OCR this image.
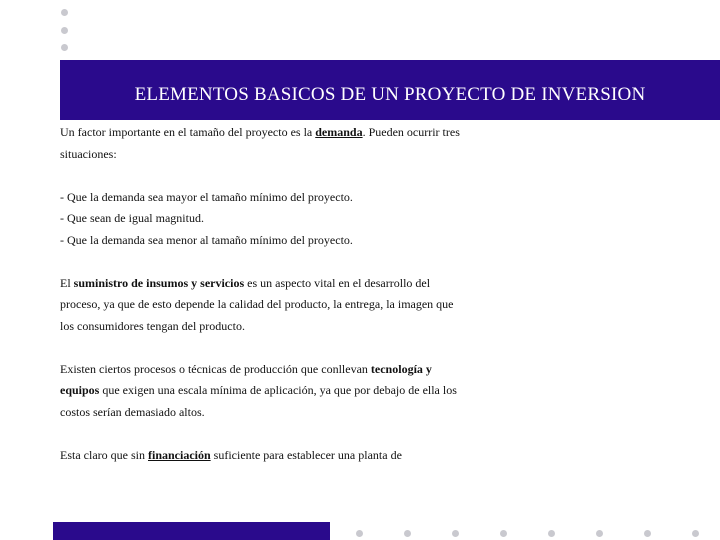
ELEMENTOS BASICOS DE UN PROYECTO DE INVERSION

Un factor importante en el tamaño del proyecto es la demanda. Pueden ocurrir tres situaciones:

- Que la demanda sea mayor el tamaño mínimo del proyecto.

- Que sean de igual magnitud.

- Que la demanda sea menor al tamaño mínimo del proyecto.

El suministro de insumos y servicios es un aspecto vital en el desarrollo del proceso, ya que de esto depende la calidad del producto, la entrega, la imagen que los consumidores tengan del producto.

Existen ciertos procesos o técnicas de producción que conllevan tecnología y equipos que exigen una escala mínima de aplicación, ya que por debajo de ella los costos serían demasiado altos.

Esta claro que sin financiación suficiente para establecer una planta de
